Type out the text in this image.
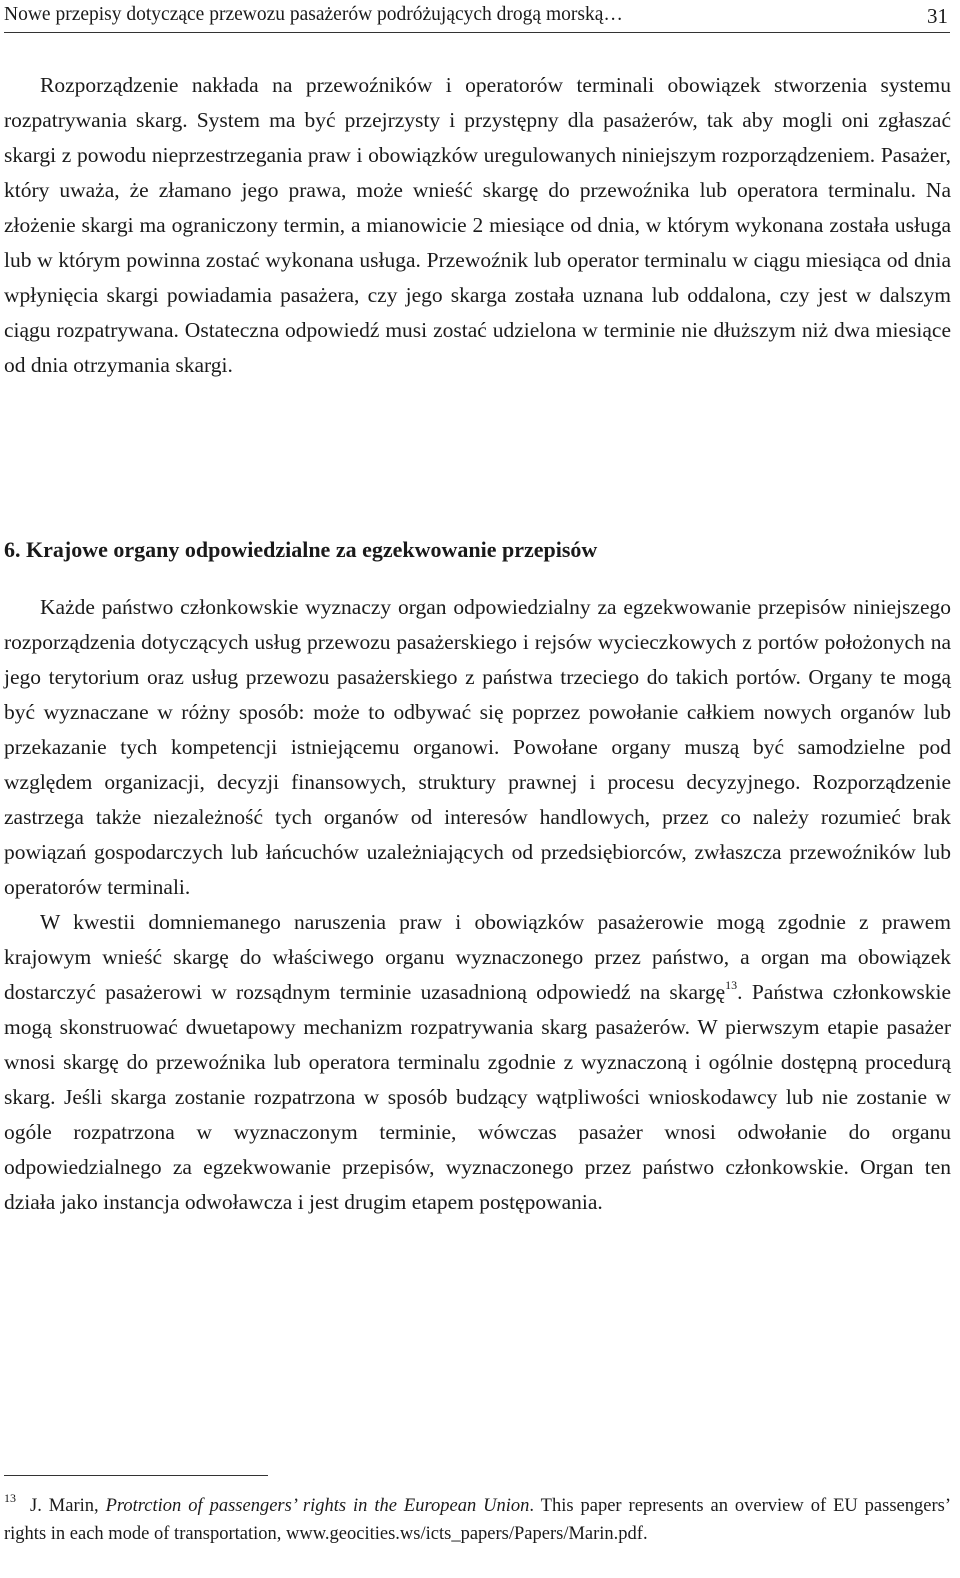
Nowe przepisy dotyczące przewozu pasażerów podróżujących drogą morską…	31

Rozporządzenie nakłada na przewoźników i operatorów terminali obowiązek stworzenia systemu rozpatrywania skarg. System ma być przejrzysty i przystępny dla pasażerów, tak aby mogli oni zgłaszać skargi z powodu nieprzestrzegania praw i obowiązków uregulowanych niniejszym rozporządzeniem. Pasażer, który uważa, że złamano jego prawa, może wnieść skargę do przewoźnika lub operatora terminalu. Na złożenie skargi ma ograniczony termin, a mianowicie 2 miesiące od dnia, w którym wykonana została usługa lub w którym powinna zostać wykonana usługa. Przewoźnik lub operator terminalu w ciągu miesiąca od dnia wpłynięcia skargi powiadamia pasażera, czy jego skarga została uznana lub oddalona, czy jest w dalszym ciągu rozpatrywana. Ostateczna odpowiedź musi zostać udzielona w terminie nie dłuższym niż dwa miesiące od dnia otrzymania skargi.

6. Krajowe organy odpowiedzialne za egzekwowanie przepisów

Każde państwo członkowskie wyznaczy organ odpowiedzialny za egzekwowanie przepisów niniejszego rozporządzenia dotyczących usług przewozu pasażerskiego i rejsów wycieczkowych z portów położonych na jego terytorium oraz usług przewozu pasażerskiego z państwa trzeciego do takich portów. Organy te mogą być wyznaczane w różny sposób: może to odbywać się poprzez powołanie całkiem nowych organów lub przekazanie tych kompetencji istniejącemu organowi. Powołane organy muszą być samodzielne pod względem organizacji, decyzji finansowych, struktury prawnej i procesu decyzyjnego. Rozporządzenie zastrzega także niezależność tych organów od interesów handlowych, przez co należy rozumieć brak powiązań gospodarczych lub łańcuchów uzależniających od przedsiębiorców, zwłaszcza przewoźników lub operatorów terminali.

W kwestii domniemanego naruszenia praw i obowiązków pasażerowie mogą zgodnie z prawem krajowym wnieść skargę do właściwego organu wyznaczonego przez państwo, a organ ma obowiązek dostarczyć pasażerowi w rozsądnym terminie uzasadnioną odpowiedź na skargę$^{13}$. Państwa członkowskie mogą skonstruować dwuetapowy mechanizm rozpatrywania skarg pasażerów. W pierwszym etapie pasażer wnosi skargę do przewoźnika lub operatora terminalu zgodnie z wyznaczoną i ogólnie dostępną procedurą skarg. Jeśli skarga zostanie rozpatrzona w sposób budzący wątpliwości wnioskodawcy lub nie zostanie w ogóle rozpatrzona w wyznaczonym terminie, wówczas pasażer wnosi odwołanie do organu odpowiedzialnego za egzekwowanie przepisów, wyznaczonego przez państwo członkowskie. Organ ten działa jako instancja odwoławcza i jest drugim etapem postępowania.

$^{13}$ J. Marin, Protrction of passengers’ rights in the European Union. This paper represents an overview of EU passengers’ rights in each mode of transportation, www.geocities.ws/icts_papers/Papers/Marin.pdf.
